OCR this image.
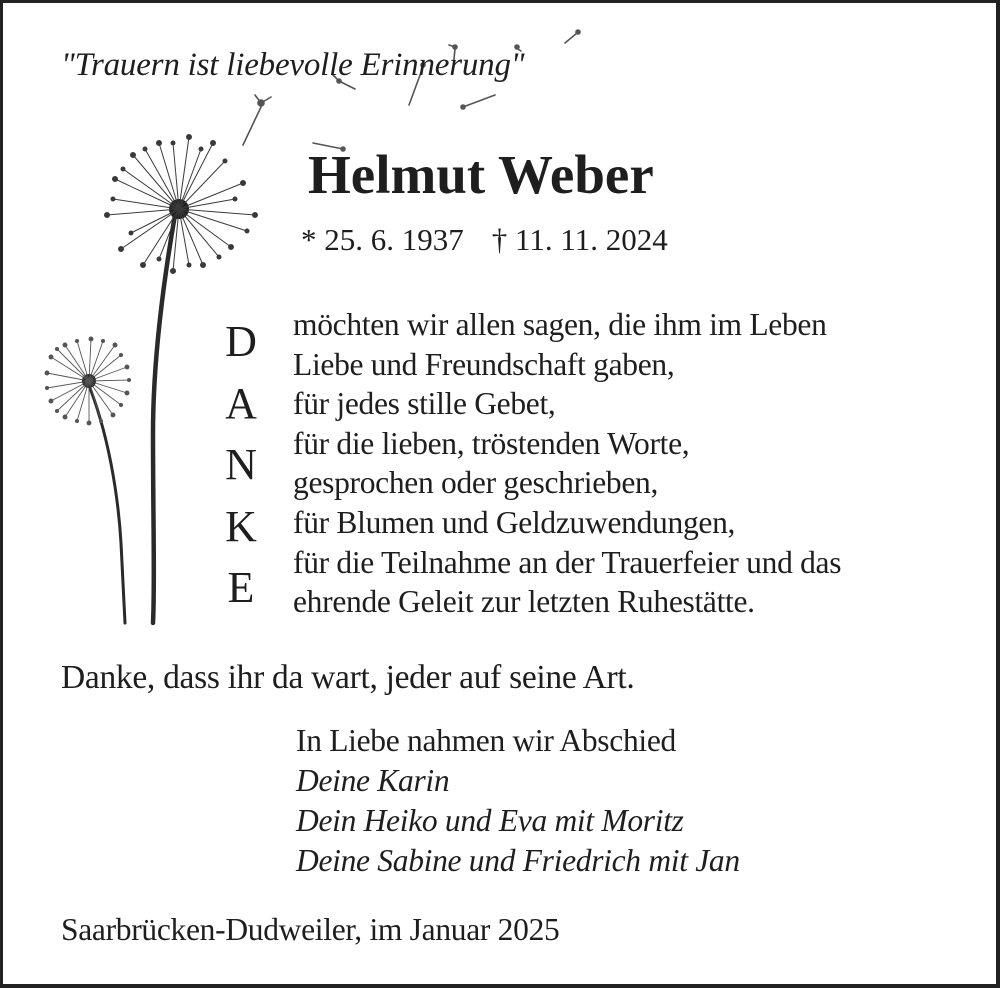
"Trauern ist liebevolle Erinnerung"
Helmut Weber
* 25. 6. 1937 † 11. 11. 2024
D
A
N
K
E
möchten wir allen sagen, die ihm im Leben
Liebe und Freundschaft gaben,
für jedes stille Gebet,
für die lieben, tröstenden Worte,
gesprochen oder geschrieben,
für Blumen und Geldzuwendungen,
für die Teilnahme an der Trauerfeier und das
ehrende Geleit zur letzten Ruhestätte.
Danke, dass ihr da wart, jeder auf seine Art.
In Liebe nahmen wir Abschied
Deine Karin
Dein Heiko und Eva mit Moritz
Deine Sabine und Friedrich mit Jan
Saarbrücken-Dudweiler, im Januar 2025
